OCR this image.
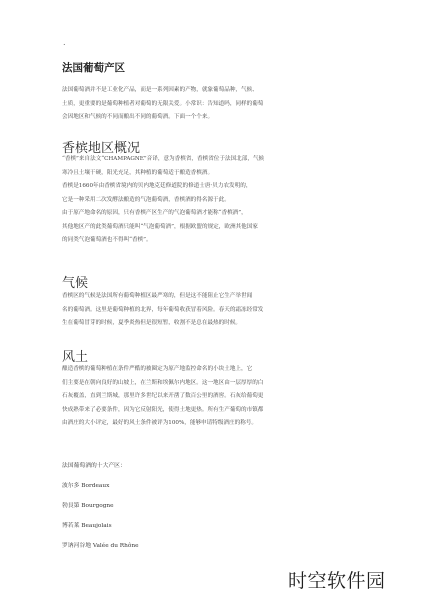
.
法国葡萄产区

法国葡萄酒并不是工业化产品，而是一系列因素的产物，就象葡萄品种，气候、
土质，更重要的是葡萄种植者对葡萄的无限关爱。小常识：告知道吗，同样的葡萄
会因地区和气候的不同而酿出不同的葡萄酒。下面一个个来。

香槟地区概况

“香槟”来自法文“CHAMPAGNE”音译，意为香槟省，香槟省位于法国北部，气候
寒冷且土壤干硬，阳光充足，其种植的葡萄适于酿造香槟酒。
香槟是1660年由香槟省境内的贝内地克廷修道院的修道士唐·贝力农发明的，
它是一种采用二次发酵法酿造的气泡葡萄酒，香槟酒的得名源于此。
由于原产地命名的原因，只有香槟产区生产的气泡葡萄酒才能称“香槟酒”，
其他地区产的此类葡萄酒只能叫“气泡葡萄酒”，根据欧盟的规定，欧洲其他国家
的同类气泡葡萄酒也不得叫“香槟”。

气候

香槟区的气候是法国所有葡萄种植区最严寒的，但是这不能阻止它生产举世闻
名的葡萄酒。这里是葡萄种植的北界，每年葡萄收获冒着风险。春天的霜冻经常发
生在葡萄冒芽的时候，夏季炎热但是很短暂，收割不是总在最热的时候。

风土

酿造香槟的葡萄种植在条件严酷的被圈定为原产地监控命名的小块土地上，它
们主要是在朝向良好的山坡上，在兰斯和埃佩尔内地区。这一地区由一层厚厚的白
石灰覆盖，直到兰斯城，那里许多世纪以来开凿了数百公里的酒窖。石灰给葡萄更
快成熟带来了必要条件，因为它反射阳光，使得土地更热。所有生产葡萄的市镇都
由酒庄的大小评定，最好的风土条件被评为100%，能够申请特级酒庄的称号。

法国葡萄酒的十大产区：
波尔多 Bordeaux
勃艮第 Bourgogne
博若莱 Beaujolais
罗讷河谷地 Valée du Rhône
时空软件园
